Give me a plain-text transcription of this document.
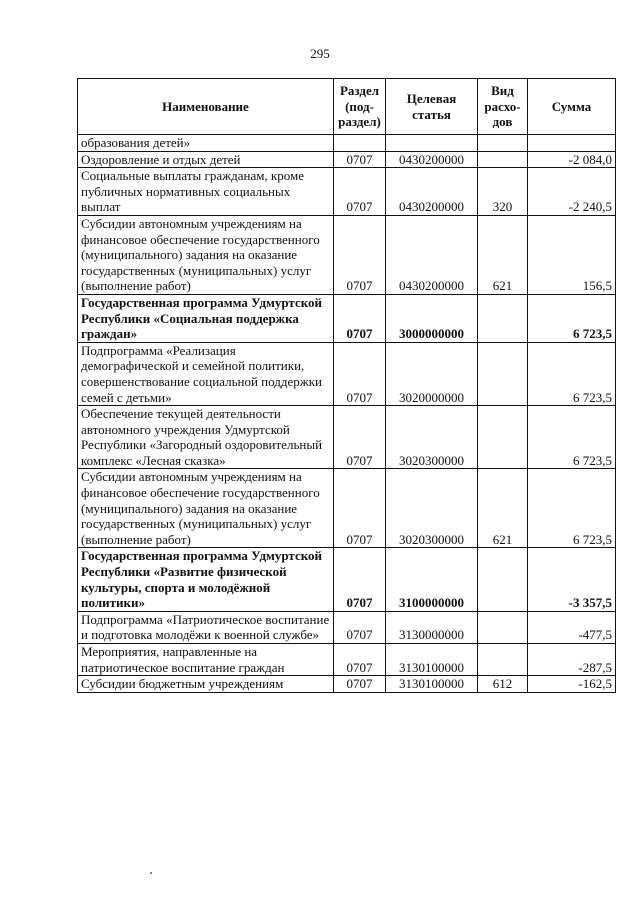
295
Наименование	Раздел (под-раздел)	Целевая статья	Вид расхо-дов	Сумма
образования детей»				
Оздоровление и отдых детей	0707	0430200000		-2 084,0
Социальные выплаты гражданам, кроме публичных нормативных социальных выплат	0707	0430200000	320	-2 240,5
Субсидии автономным учреждениям на финансовое обеспечение государственного (муниципального) задания на оказание государственных (муниципальных) услуг (выполнение работ)	0707	0430200000	621	156,5
Государственная программа Удмуртской Республики «Социальная поддержка граждан»	0707	3000000000		6 723,5
Подпрограмма «Реализация демографической и семейной политики, совершенствование социальной поддержки семей с детьми»	0707	3020000000		6 723,5
Обеспечение текущей деятельности автономного учреждения Удмуртской Республики «Загородный оздоровительный комплекс «Лесная сказка»	0707	3020300000		6 723,5
Субсидии автономным учреждениям на финансовое обеспечение государственного (муниципального) задания на оказание государственных (муниципальных) услуг (выполнение работ)	0707	3020300000	621	6 723,5
Государственная программа Удмуртской Республики «Развитие физической культуры, спорта и молодёжной политики»	0707	3100000000		-3 357,5
Подпрограмма «Патриотическое воспитание и подготовка молодёжи к военной службе»	0707	3130000000		-477,5
Мероприятия, направленные на патриотическое воспитание граждан	0707	3130100000		-287,5
Субсидии бюджетным учреждениям	0707	3130100000	612	-162,5
